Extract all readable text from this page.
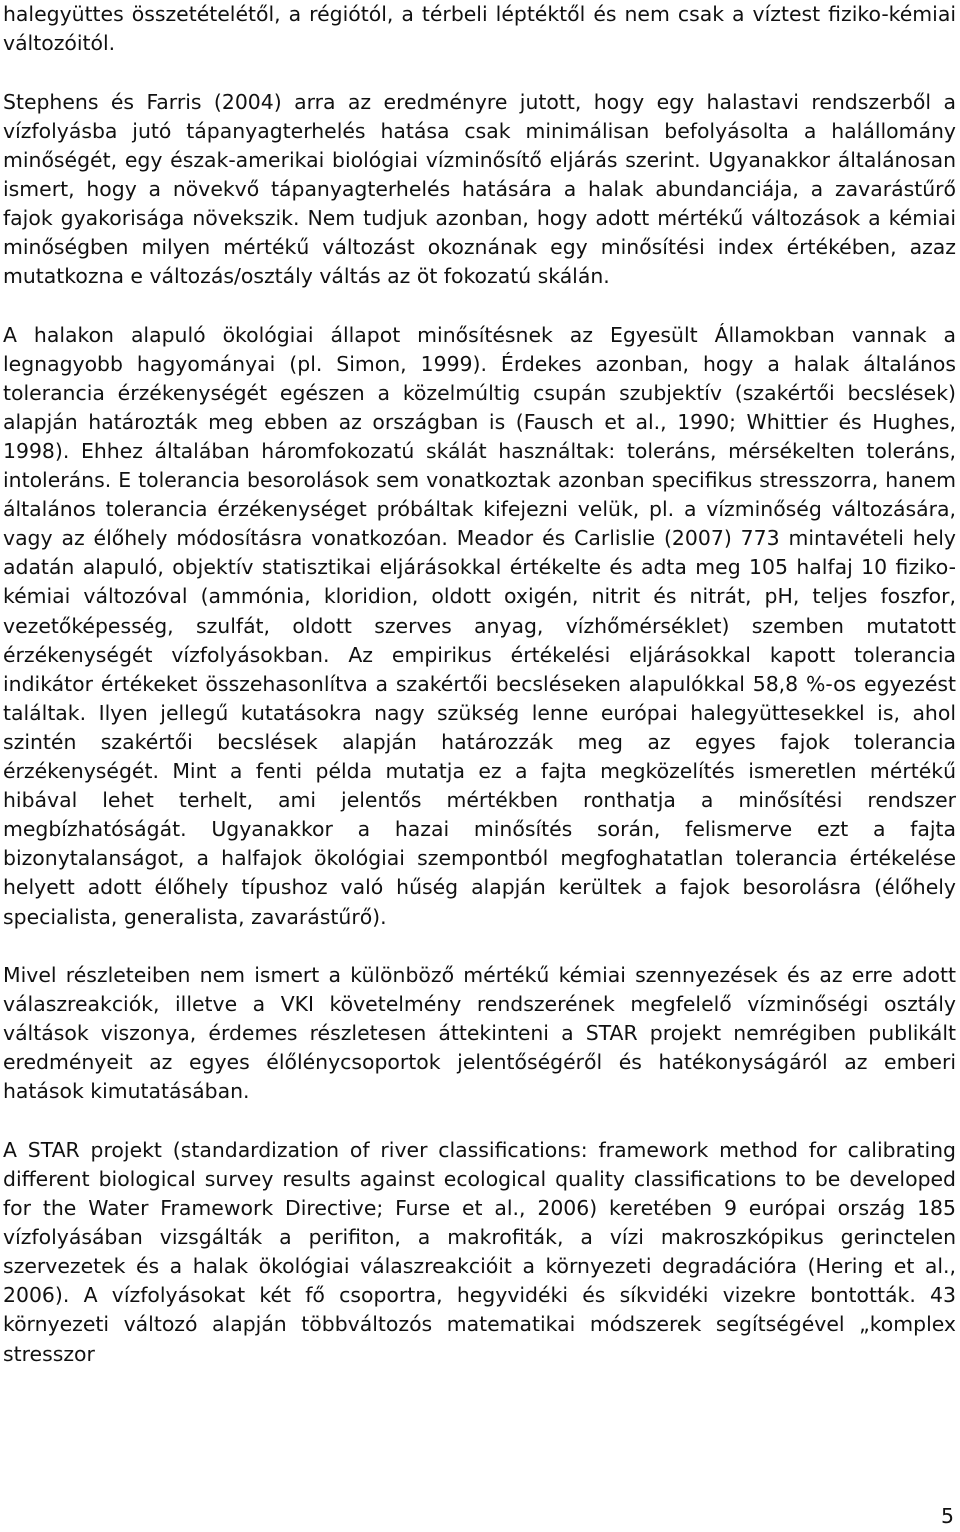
halegyüttes összetételétől, a régiótól, a térbeli léptéktől és nem csak a víztest fiziko-kémiai változóitól.

Stephens és Farris (2004) arra az eredményre jutott, hogy egy halastavi rendszerből a vízfolyásba jutó tápanyagterhelés hatása csak minimálisan befolyásolta a halállomány minőségét, egy észak-amerikai biológiai vízminősítő eljárás szerint. Ugyanakkor általánosan ismert, hogy a növekvő tápanyagterhelés hatására a halak abundanciája, a zavarástűrő fajok gyakorisága növekszik. Nem tudjuk azonban, hogy adott mértékű változások a kémiai minőségben milyen mértékű változást okoznának egy minősítési index értékében, azaz mutatkozna e változás/osztály váltás az öt fokozatú skálán.

A halakon alapuló ökológiai állapot minősítésnek az Egyesült Államokban vannak a legnagyobb hagyományai (pl. Simon, 1999). Érdekes azonban, hogy a halak általános tolerancia érzékenységét egészen a közelmúltig csupán szubjektív (szakértői becslések) alapján határozták meg ebben az országban is (Fausch et al., 1990; Whittier és Hughes, 1998). Ehhez általában háromfokozatú skálát használtak: toleráns, mérsékelten toleráns, intoleráns. E tolerancia besorolások sem vonatkoztak azonban specifikus stresszorra, hanem általános tolerancia érzékenységet próbáltak kifejezni velük, pl. a vízminőség változására, vagy az élőhely módosításra vonatkozóan. Meador és Carlislie (2007) 773 mintavételi hely adatán alapuló, objektív statisztikai eljárásokkal értékelte és adta meg 105 halfaj 10 fiziko-kémiai változóval (ammónia, kloridion, oldott oxigén, nitrit és nitrát, pH, teljes foszfor, vezetőképesség, szulfát, oldott szerves anyag, vízhőmérséklet) szemben mutatott érzékenységét vízfolyásokban. Az empirikus értékelési eljárásokkal kapott tolerancia indikátor értékeket összehasonlítva a szakértői becsléseken alapulókkal 58,8 %-os egyezést találtak. Ilyen jellegű kutatásokra nagy szükség lenne európai halegyüttesekkel is, ahol szintén szakértői becslések alapján határozzák meg az egyes fajok tolerancia érzékenységét. Mint a fenti példa mutatja ez a fajta megközelítés ismeretlen mértékű hibával lehet terhelt, ami jelentős mértékben ronthatja a minősítési rendszer megbízhatóságát. Ugyanakkor a hazai minősítés során, felismerve ezt a fajta bizonytalanságot, a halfajok ökológiai szempontból megfoghatatlan tolerancia értékelése helyett adott élőhely típushoz való hűség alapján kerültek a fajok besorolásra (élőhely specialista, generalista, zavarástűrő).

Mivel részleteiben nem ismert a különböző mértékű kémiai szennyezések és az erre adott válaszreakciók, illetve a VKI követelmény rendszerének megfelelő vízminőségi osztály váltások viszonya, érdemes részletesen áttekinteni a STAR projekt nemrégiben publikált eredményeit az egyes élőlénycsoportok jelentőségéről és hatékonyságáról az emberi hatások kimutatásában.

A STAR projekt (standardization of river classifications: framework method for calibrating different biological survey results against ecological quality classifications to be developed for the Water Framework Directive; Furse et al., 2006) keretében 9 európai ország 185 vízfolyásában vizsgálták a perifiton, a makrofiták, a vízi makroszkópikus gerinctelen szervezetek és a halak ökológiai válaszreakcióit a környezeti degradációra (Hering et al., 2006). A vízfolyásokat két fő csoportra, hegyvidéki és síkvidéki vizekre bontották. 43 környezeti változó alapján többváltozós matematikai módszerek segítségével „komplex stresszor

5
